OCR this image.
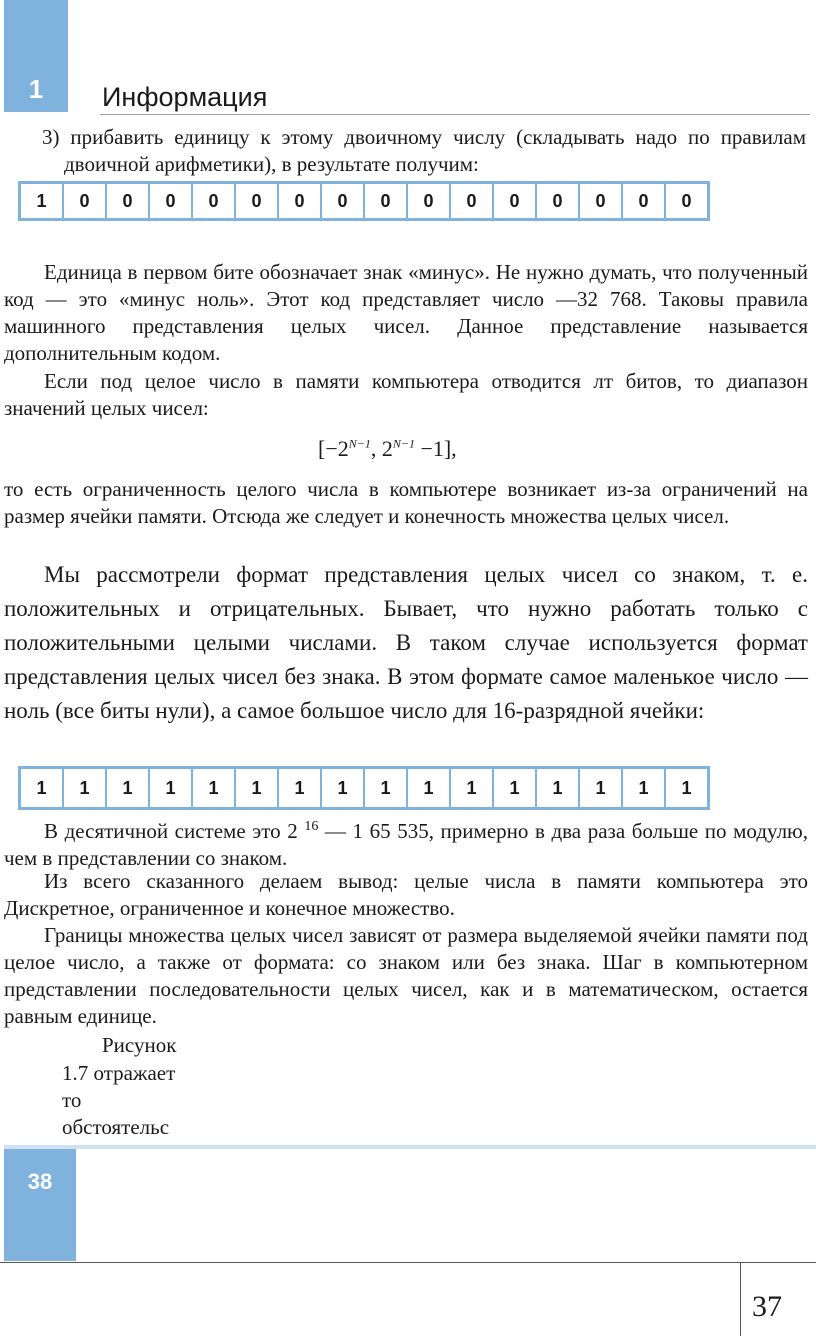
1	Информация

3) прибавить единицу к этому двоичному числу (складывать надо по правилам двоичной арифметики), в результате получим:

1	0	0	0	0	0	0	0	0	0	0	0	0	0	0	0

Единица в первом бите обозначает знак «минус». Не нужно думать, что полученный код — это «минус ноль». Этот код представляет число —32 768. Таковы правила машинного представления целых чисел. Данное представление называется дополнительным кодом.

Если под целое число в памяти компьютера отводится лт битов, то диапазон значений целых чисел:

[$-2^{N-1}$, $2^{N-1} -1$],

то есть ограниченность целого числа в компьютере возникает из-за ограничений на размер ячейки памяти. Отсюда же следует и конечность множества целых чисел.

Мы рассмотрели формат представления целых чисел со знаком, т. е. положительных и отрицательных. Бывает, что нужно работать только с положительными целыми числами. В таком случае используется формат представления целых чисел без знака. В этом формате самое маленькое число — ноль (все биты нули), а самое большое число для 16-разрядной ячейки:

1	1	1	1	1	1	1	1	1	1	1	1	1	1	1	1

В десятичной системе это 2 $^{16}$ — 1 65 535, примерно в два раза больше по модулю, чем в представлении со знаком.

Из всего сказанного делаем вывод: целые числа в памяти компьютера это Дискретное, ограниченное и конечное множество.

Границы множества целых чисел зависят от размера выделяемой ячейки памяти под целое число, а также от формата: со знаком или без знака. Шаг в компьютерном представлении последовательности целых чисел, как и в математическом, остается равным единице.

Рисунок
1.7 отражает
то
обстоятельс
38
37
